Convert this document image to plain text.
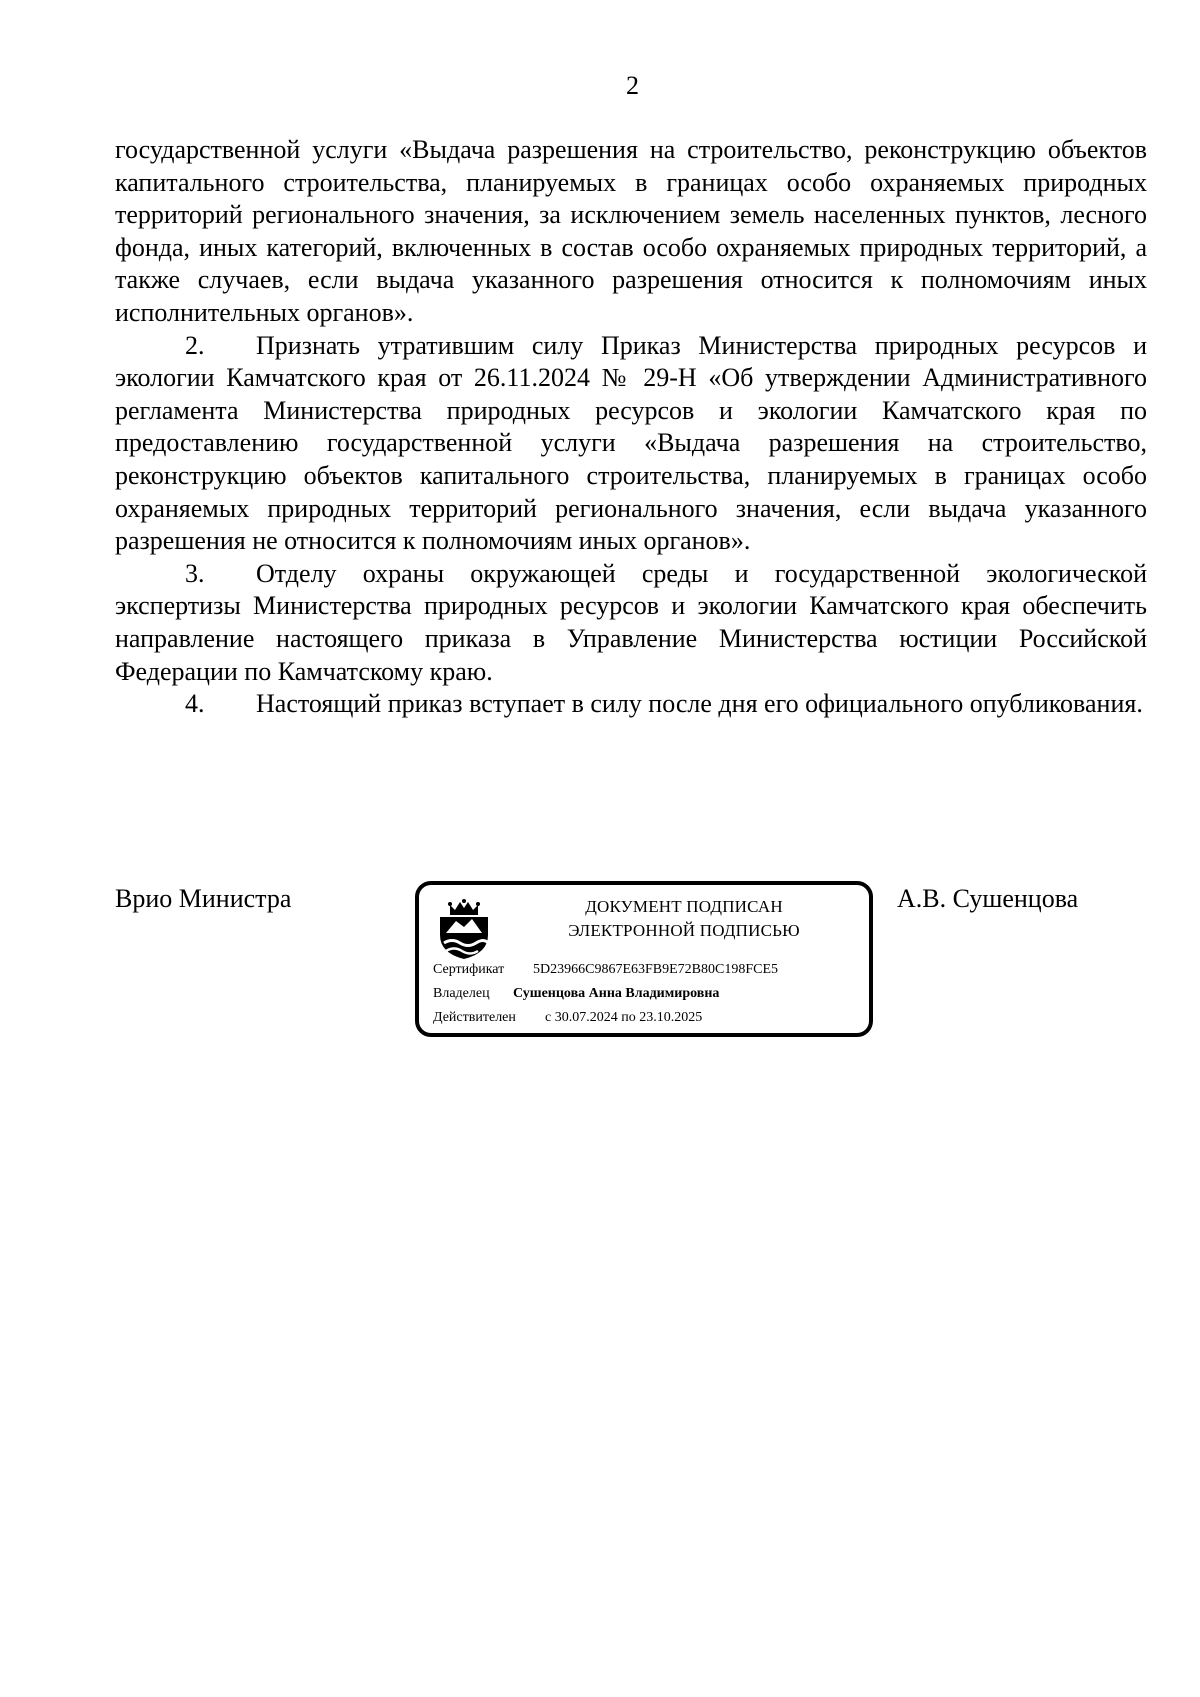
2

государственной услуги «Выдача разрешения на строительство, реконструкцию объектов капитального строительства, планируемых в границах особо охраняемых природных территорий регионального значения, за исключением земель населенных пунктов, лесного фонда, иных категорий, включенных в состав особо охраняемых природных территорий, а также случаев, если выдача указанного разрешения относится к полномочиям иных исполнительных органов».

2. Признать утратившим силу Приказ Министерства природных ресурсов и экологии Камчатского края от 26.11.2024 № 29-Н «Об утверждении Административного регламента Министерства природных ресурсов и экологии Камчатского края по предоставлению государственной услуги «Выдача разрешения на строительство, реконструкцию объектов капитального строительства, планируемых в границах особо охраняемых природных территорий регионального значения, если выдача указанного разрешения не относится к полномочиям иных органов».

3. Отделу охраны окружающей среды и государственной экологической экспертизы Министерства природных ресурсов и экологии Камчатского края обеспечить направление настоящего приказа в Управление Министерства юстиции Российской Федерации по Камчатскому краю.

4. Настоящий приказ вступает в силу после дня его официального опубликования.

Врио Министра	ДОКУМЕНТ ПОДПИСАН
ЭЛЕКТРОННОЙ ПОДПИСЬЮ
Сертификат 5D23966C9867E63FB9E72B80C198FCE5
Владелец Сушенцова Анна Владимировна
Действителен с 30.07.2024 по 23.10.2025
А.В. Сушенцова
